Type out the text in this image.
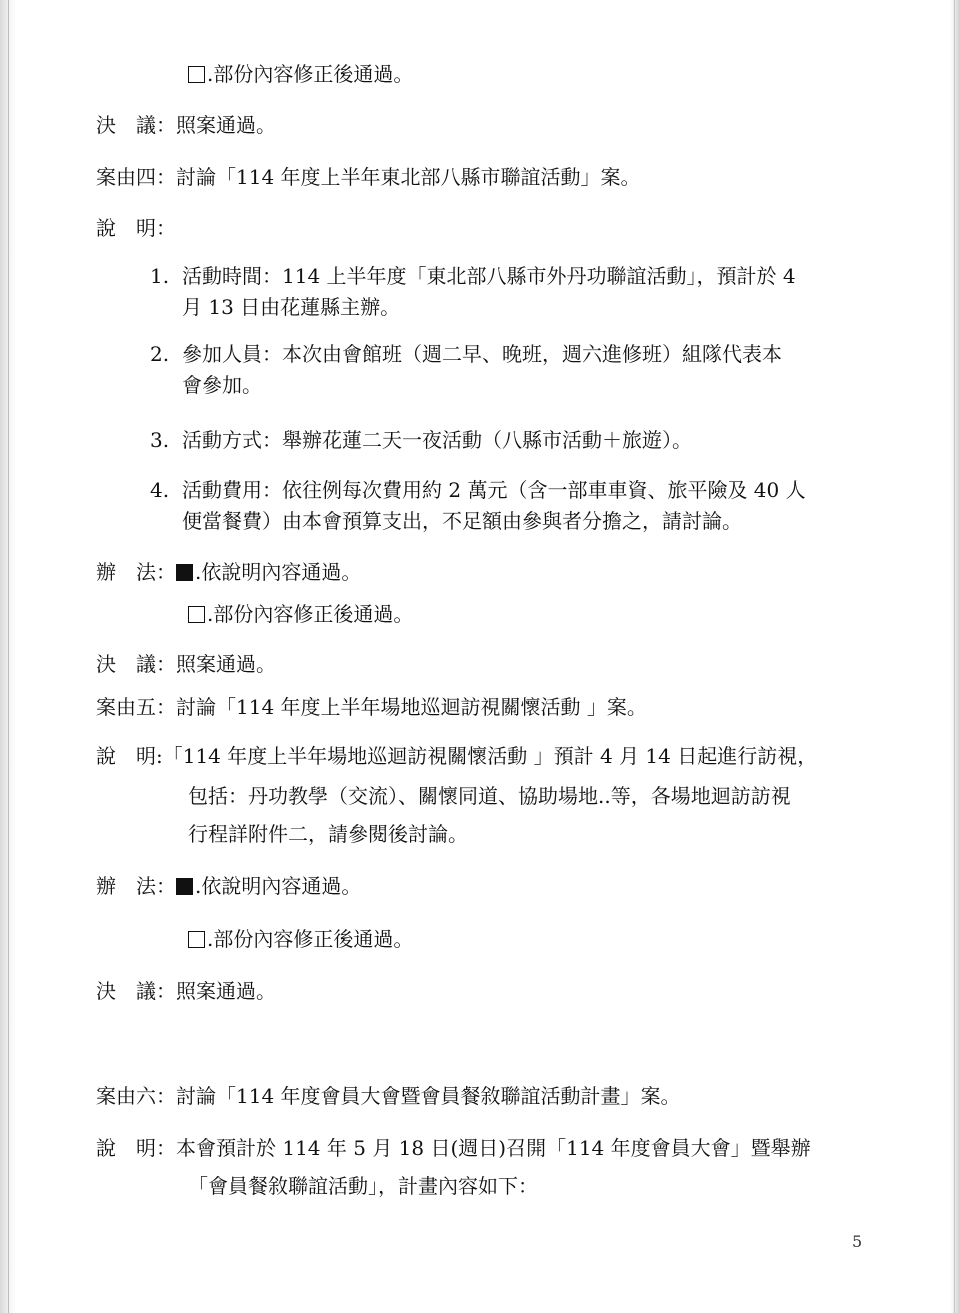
.部份內容修正後通過。
決　議：照案通過。
案由四：討論「114 年度上半年東北部八縣市聯誼活動」案。
說　明：
1. 活動時間：114 上半年度「東北部八縣市外丹功聯誼活動」，預計於 4
月 13 日由花蓮縣主辦。
2. 參加人員：本次由會館班（週二早、晚班，週六進修班）組隊代表本
會參加。
3. 活動方式：舉辦花蓮二天一夜活動（八縣市活動＋旅遊）。
4. 活動費用：依往例每次費用約 2 萬元（含一部車車資、旅平險及 40 人
便當餐費）由本會預算支出，不足額由參與者分擔之，請討論。
辦　法： .依說明內容通過。
.部份內容修正後通過。
決　議：照案通過。
案由五：討論「114 年度上半年場地巡迴訪視關懷活動 」案。
說　明:「114 年度上半年場地巡迴訪視關懷活動 」預計 4 月 14 日起進行訪視，
包括：丹功教學（交流）、關懷同道、協助場地..等，各場地迴訪訪視
行程詳附件二，請參閱後討論。
辦　法： .依說明內容通過。
.部份內容修正後通過。
決　議：照案通過。
案由六：討論「114 年度會員大會暨會員餐敘聯誼活動計畫」案。
說　明：本會預計於 114 年 5 月 18 日(週日)召開「114 年度會員大會」暨舉辦
「會員餐敘聯誼活動」，計畫內容如下：
5
